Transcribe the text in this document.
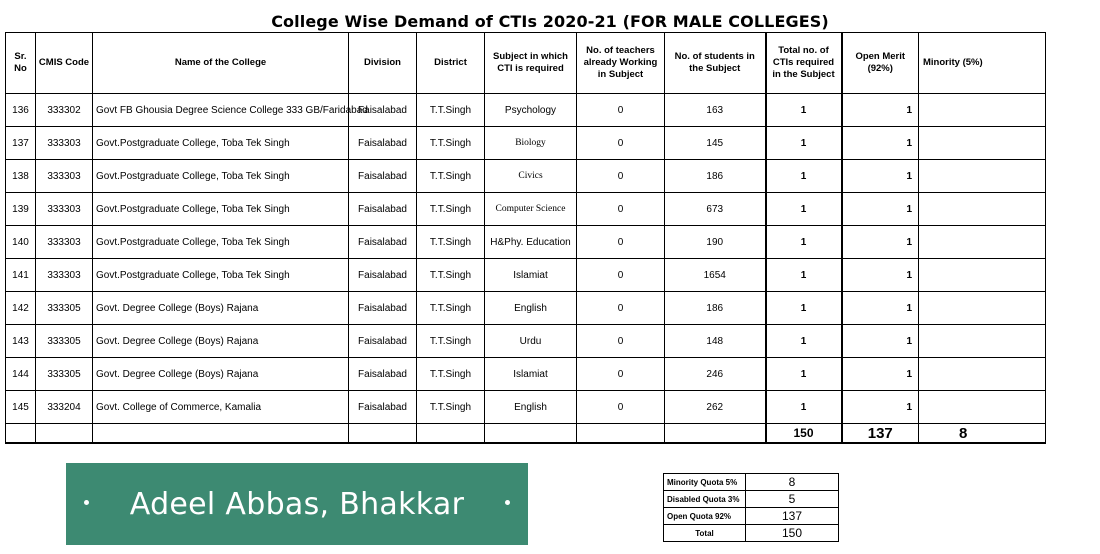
College Wise Demand of CTIs 2020-21 (FOR MALE COLLEGES)
Sr. No	CMIS Code	Name of the College	Division	District	Subject in which CTI is required	No. of teachers already Working in Subject	No. of students in the Subject	Total no. of CTIs required in the Subject	Open Merit (92%)	Minority (5%)
136	333302	Govt FB Ghousia Degree Science College 333 GB/Faridabad	Faisalabad	T.T.Singh	Psychology	0	163	1	1	
137	333303	Govt.Postgraduate College, Toba Tek Singh	Faisalabad	T.T.Singh	Biology	0	145	1	1	
138	333303	Govt.Postgraduate College, Toba Tek Singh	Faisalabad	T.T.Singh	Civics	0	186	1	1	
139	333303	Govt.Postgraduate College, Toba Tek Singh	Faisalabad	T.T.Singh	Computer Science	0	673	1	1	
140	333303	Govt.Postgraduate College, Toba Tek Singh	Faisalabad	T.T.Singh	H&Phy. Education	0	190	1	1	
141	333303	Govt.Postgraduate College, Toba Tek Singh	Faisalabad	T.T.Singh	Islamiat	0	1654	1	1	
142	333305	Govt. Degree College (Boys) Rajana	Faisalabad	T.T.Singh	English	0	186	1	1	
143	333305	Govt. Degree College (Boys) Rajana	Faisalabad	T.T.Singh	Urdu	0	148	1	1	
144	333305	Govt. Degree College (Boys) Rajana	Faisalabad	T.T.Singh	Islamiat	0	246	1	1	
145	333204	Govt. College of Commerce, Kamalia	Faisalabad	T.T.Singh	English	0	262	1	1	
								150	137	8
Adeel Abbas, Bhakkar
Minority Quota 5%	8
Disabled Quota 3%	5
Open Quota 92%	137
Total	150
